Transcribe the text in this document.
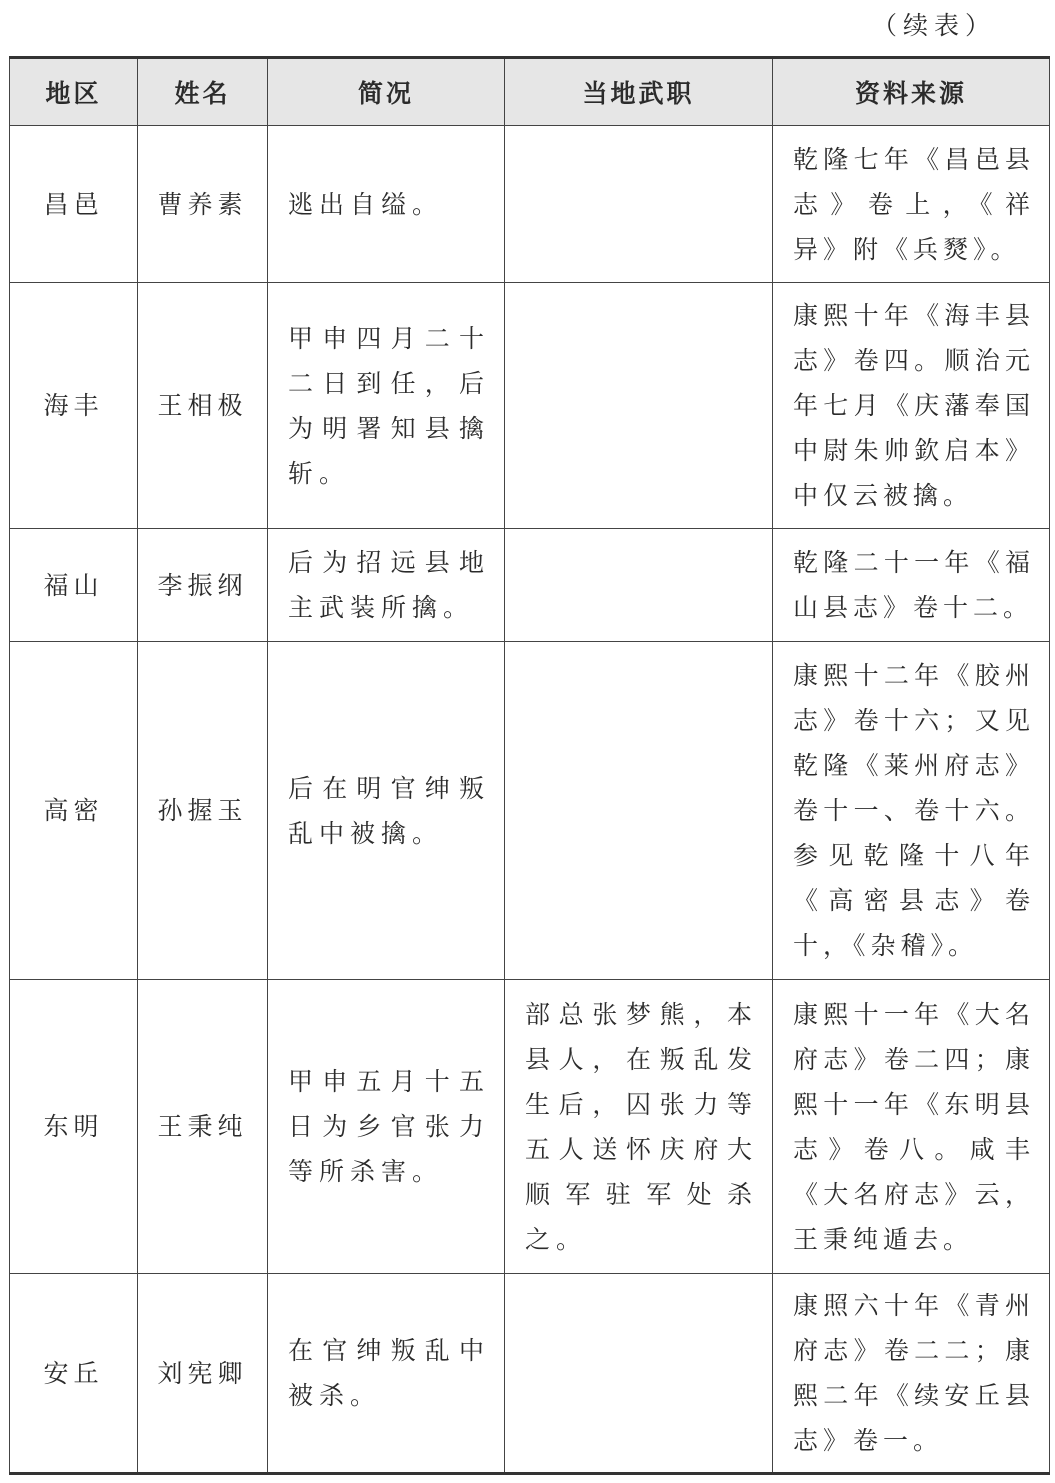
（续表）
地区	姓名	简况	当地武职	资料来源
昌邑	曹养素	逃出自缢。		乾隆七年《昌邑县志》卷上，《祥异》附《兵燹》。
海丰	王相极	甲申四月二十二日到任，后为明署知县擒斩。		康熙十年《海丰县志》卷四。顺治元年七月《庆藩奉国中尉朱帅欽启本》中仅云被擒。
福山	李振纲	后为招远县地主武装所擒。		乾隆二十一年《福山县志》卷十二。
高密	孙握玉	后在明官绅叛乱中被擒。		康熙十二年《胶州志》卷十六；又见乾隆《莱州府志》卷十一、卷十六。参见乾隆十八年《高密县志》卷十，《杂稽》。
东明	王秉纯	甲申五月十五日为乡官张力等所杀害。	部总张梦熊，本县人，在叛乱发生后，囚张力等五人送怀庆府大顺军驻军处杀之。	康熙十一年《大名府志》卷二四；康熙十一年《东明县志》卷八。咸丰《大名府志》云，王秉纯遁去。
安丘	刘宪卿	在官绅叛乱中被杀。		康照六十年《青州府志》卷二二；康熙二年《续安丘县志》卷一。
